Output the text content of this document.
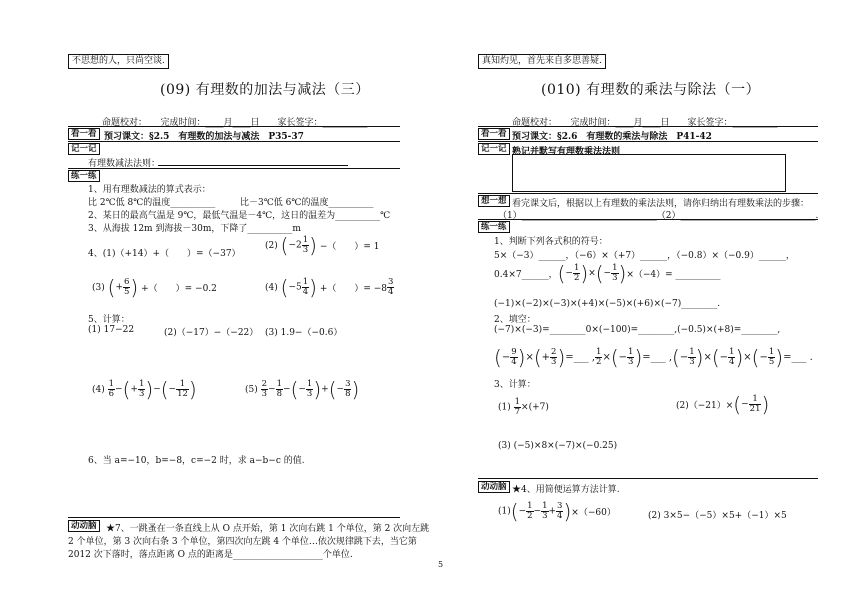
不思想的人，只尚空谈.
(09) 有理数的加法与减法（三）
命题校对：　　完成时间：____月____日　　家长签字：__________
看一看 预习课文：§2.5　有理数的加法与减法　P35-37
记一记
有理数减法法则：
练一练
1、用有理数减法的算式表示：
比 2℃低 8℃的温度__________	比－3℃低 6℃的温度__________
2、某日的最高气温是 9℃，最低气温是－4℃，这日的温差为__________℃
3、从海拔 12m 到海拔－30m，下降了__________m
4、(1)（+14）+（　　）=（−37）
(2) ($-2 \frac{1}{3}$ ) −（　　）= 1
(3) (+ $\frac{6}{5}$ ) +（　　）= −0.2	(4) ($-5 \frac{1}{4}$ ) +（　　）= $-8 \frac{3}{4}$
5、计算：
(1) 17−22	(2)（−17）−（−22） (3) 1.9−（−0.6）
$(4) \frac{1}{6}$ −(+ $\frac{1}{3}$ )−(− $\frac{1}{12}$ )	$(5) \frac{2}{3} - \frac{1}{8}$ −(− $\frac{1}{3}$ )+(− $\frac{3}{8}$ )
6、当 a=−10，b=−8，c=−2 时，求 a−b−c 的值.
动动脑	★7、一跳蚤在一条直线上从 O 点开始，第 1 次向右跳 1 个单位，第 2 次向左跳
2 个单位，第 3 次向右条 3 个单位，第四次向左跳 4 个单位…依次规律跳下去，当它第
2012 次下落时，落点距离 O 点的距离是____________________个单位.
5
真知灼见，首先来自多思善疑.
(010) 有理数的乘法与除法（一）
命题校对：　　完成时间：____月____日　　家长签字：__________
看一看 预习课文：§2.6　有理数的乘法与除法　P41-42
记一记 熟记并默写有理数乘法法则
想一想 看完课文后，根据以上有理数的乘法法则，请你归纳出有理数乘法的步骤：
（1）______________________________（2）______________________________.
练一练
1、判断下列各式积的符号：
5×（−3）______，（−6）×（+7）______，（−0.8）×（−0.9）______，
0.4×7______，(− $\frac{1}{2}$ )×(− $\frac{1}{3} )\times(-4)=$ __________
(−1)×(−2)×(−3)×(+4)×(−5)×(+6)×(−7)________.
2、填空：
(−7)×(−3)=________0×(−100)=________,(−0.5)×(+8)=________,
(− $\frac{9}{4}$ )×(+ $\frac{2}{3}$ )=___ , $\frac{1}{2}$ ×(− $\frac{1}{3}$ )=___ ,(− $\frac{1}{3}$ )×(− $\frac{1}{4}$ )×(− $\frac{1}{5}$ )=___ .
3、计算：
$(1) \frac{1}{7} \times(+7)$	$(2)(-21)\times(- \frac{1}{21}$ )
(3) (−5)×8×(−7)×(−0.25)
动动脑 ★4、用简便运算方法计算.
$(1)(- \frac{1}{2} - \frac{1}{3} + \frac{3}{4} )\times(-60)$	(2) 3×5−（−5）×5+（−1）×5
